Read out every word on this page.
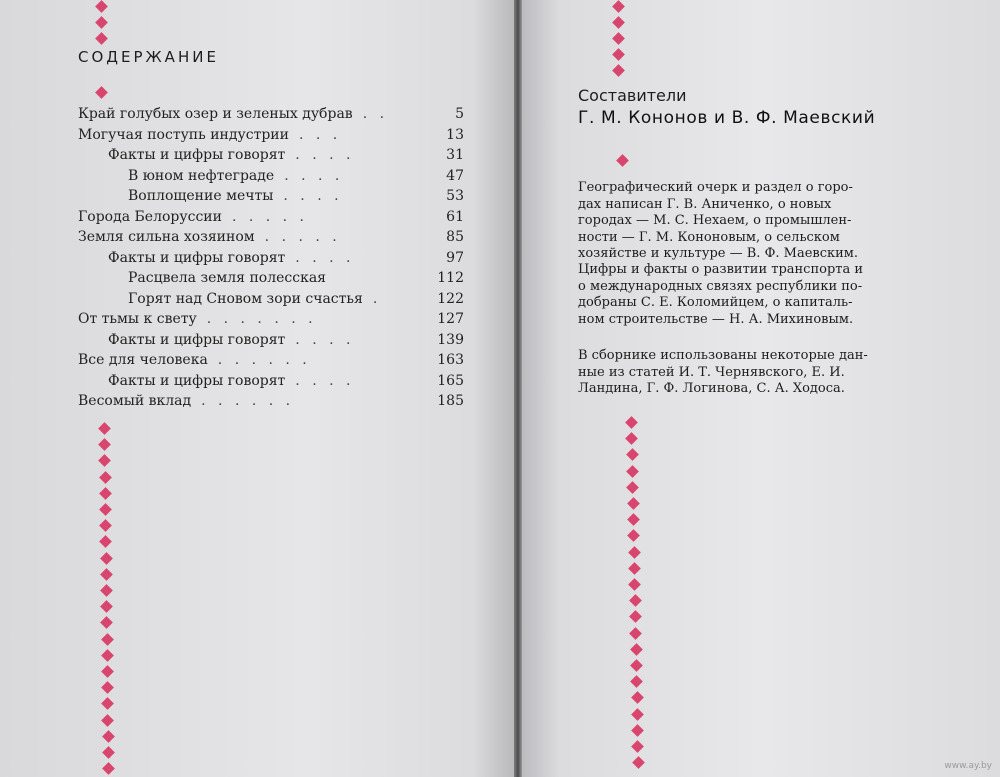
СОДЕРЖАНИЕ
Край голубых озер и зеленых дубрав . .	5
Могучая поступь индустрии . . .	13
Факты и цифры говорят . . . .	31
В юном нефтеграде . . . .	47
Воплощение мечты . . . .	53
Города Белоруссии . . . . .	61
Земля сильна хозяином . . . . .	85
Факты и цифры говорят . . . .	97
Расцвела земля полесская	112
Горят над Сновом зори счастья .	122
От тьмы к свету . . . . . . .	127
Факты и цифры говорят . . . .	139
Все для человека . . . . . .	163
Факты и цифры говорят . . . .	165
Весомый вклад . . . . . .	185
Составители
Г. М. Кононов и В. Ф. Маевский

Географический очерк и раздел о горо-
дах написан Г. В. Аниченко, о новых
городах — М. С. Нехаем, о промышлен-
ности — Г. М. Кононовым, о сельском
хозяйстве и культуре — В. Ф. Маевским.

Цифры и факты о развитии транспорта и
о международных связях республики по-
добраны С. Е. Коломийцем, о капиталь-
ном строительстве — Н. А. Михиновым.

В сборнике использованы некоторые дан-
ные из статей И. Т. Чернявского, Е. И.
Ландина, Г. Ф. Логинова, С. А. Ходоса.

www.ay.by
